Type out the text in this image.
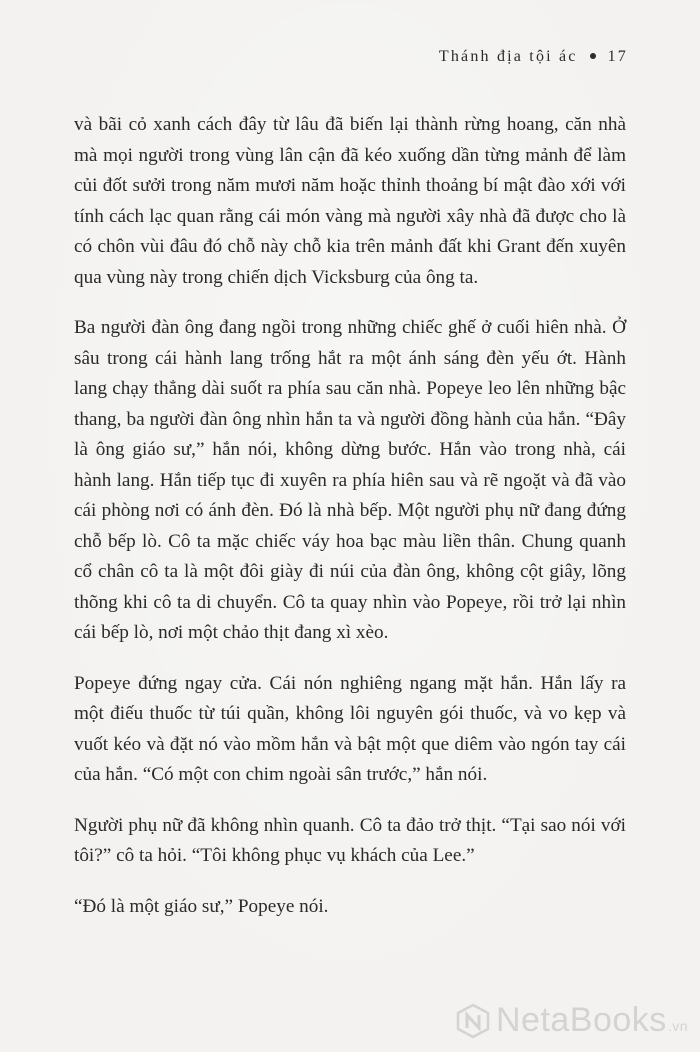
Thánh địa tội ác 17

và bãi cỏ xanh cách đây từ lâu đã biến lại thành rừng hoang, căn nhà mà mọi người trong vùng lân cận đã kéo xuống dần từng mảnh để làm củi đốt sưởi trong năm mươi năm hoặc thỉnh thoảng bí mật đào xới với tính cách lạc quan rằng cái món vàng mà người xây nhà đã được cho là có chôn vùi đâu đó chỗ này chỗ kia trên mảnh đất khi Grant đến xuyên qua vùng này trong chiến dịch Vicksburg của ông ta.

Ba người đàn ông đang ngồi trong những chiếc ghế ở cuối hiên nhà. Ở sâu trong cái hành lang trống hắt ra một ánh sáng đèn yếu ớt. Hành lang chạy thẳng dài suốt ra phía sau căn nhà. Popeye leo lên những bậc thang, ba người đàn ông nhìn hắn ta và người đồng hành của hắn. “Đây là ông giáo sư,” hắn nói, không dừng bước. Hắn vào trong nhà, cái hành lang. Hắn tiếp tục đi xuyên ra phía hiên sau và rẽ ngoặt và đã vào cái phòng nơi có ánh đèn. Đó là nhà bếp. Một người phụ nữ đang đứng chỗ bếp lò. Cô ta mặc chiếc váy hoa bạc màu liền thân. Chung quanh cổ chân cô ta là một đôi giày đi núi của đàn ông, không cột giây, lõng thõng khi cô ta di chuyển. Cô ta quay nhìn vào Popeye, rồi trở lại nhìn cái bếp lò, nơi một chảo thịt đang xì xèo.

Popeye đứng ngay cửa. Cái nón nghiêng ngang mặt hắn. Hắn lấy ra một điếu thuốc từ túi quần, không lôi nguyên gói thuốc, và vo kẹp và vuốt kéo và đặt nó vào mồm hắn và bật một que diêm vào ngón tay cái của hắn. “Có một con chim ngoài sân trước,” hắn nói.

Người phụ nữ đã không nhìn quanh. Cô ta đảo trở thịt. “Tại sao nói với tôi?” cô ta hỏi. “Tôi không phục vụ khách của Lee.”

“Đó là một giáo sư,” Popeye nói.

NetaBooks.vn
